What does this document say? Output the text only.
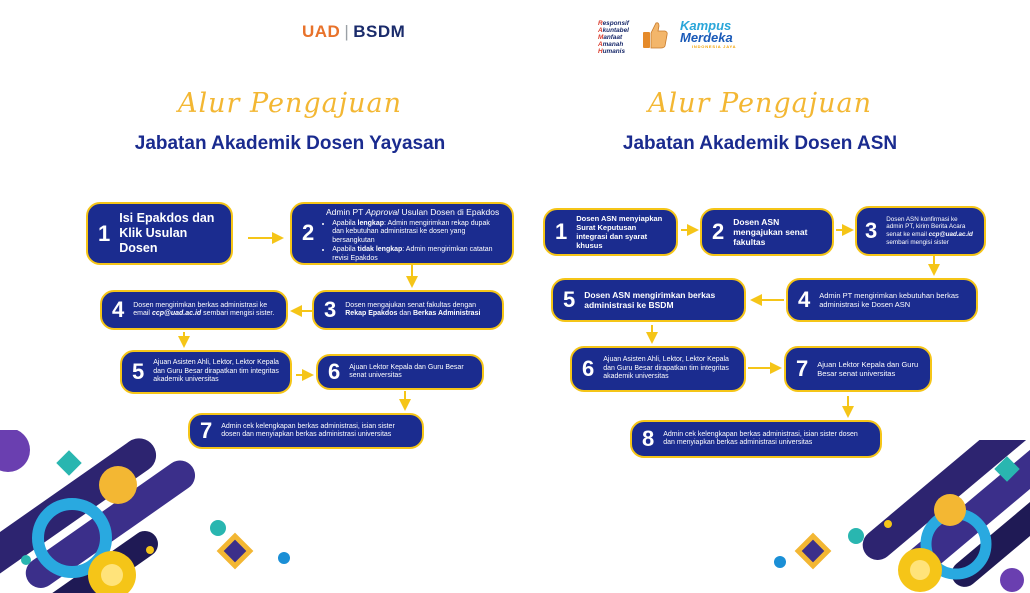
UAD | BSDM	Responsif
Akuntabel
Manfaat
Amanah
Humanis
Kampus
Merdeka
INDONESIA JAYA
Alur Pengajuan
Jabatan Akademik Dosen Yayasan
Alur Pengajuan
Jabatan Akademik Dosen ASN
1
Isi Epakdos dan Klik Usulan Dosen
2
Admin PT Approval Usulan Dosen di Epakdos
• Apabila lengkap: Admin mengirimkan rekap dupak dan kebutuhan administrasi ke dosen yang bersangkutan
• Apabila tidak lengkap: Admin mengirimkan catatan revisi Epakdos
3 Dosen mengajukan senat fakultas dengan Rekap Epakdos dan Berkas Administrasi
4 Dosen mengirimkan berkas administrasi ke email ccp@uad.ac.id sembari mengisi sister.
5 Ajuan Asisten Ahli, Lektor, Lektor Kepala dan Guru Besar dirapatkan tim integritas akademik universitas	6 Ajuan Lektor Kepala dan Guru Besar senat universitas
7 Admin cek kelengkapan berkas administrasi, isian sister dosen dan menyiapkan berkas administrasi universitas
1
Dosen ASN menyiapkan Surat Keputusan integrasi dan syarat khusus
2 Dosen ASN mengajukan senat fakultas	3 Dosen ASN konfirmasi ke admin PT, kirim Berita Acara senat ke email ccp@uad.ac.id sembari mengisi sister
4 Admin PT mengirimkan kebutuhan berkas administrasi ke Dosen ASN
5 Dosen ASN mengirimkan berkas administrasi ke BSDM
6 Ajuan Asisten Ahli, Lektor, Lektor Kepala dan Guru Besar dirapatkan tim integritas akademik universitas	7 Ajuan Lektor Kepala dan Guru Besar senat universitas
8 Admin cek kelengkapan berkas administrasi, isian sister dosen dan menyiapkan berkas administrasi universitas
